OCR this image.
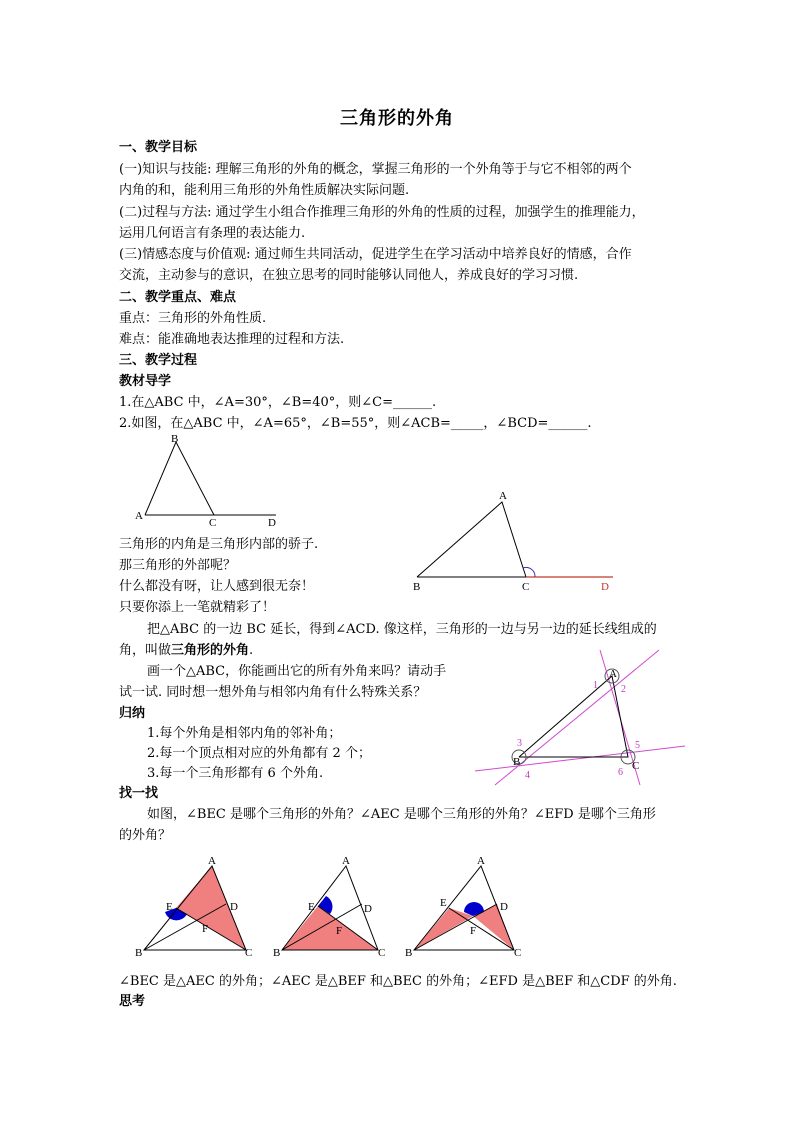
三角形的外角
一、教学目标
(一)知识与技能: 理解三角形的外角的概念，掌握三角形的一个外角等于与它不相邻的两个
内角的和，能利用三角形的外角性质解决实际问题.
(二)过程与方法: 通过学生小组合作推理三角形的外角的性质的过程，加强学生的推理能力，
运用几何语言有条理的表达能力.
(三)情感态度与价值观: 通过师生共同活动，促进学生在学习活动中培养良好的情感，合作
交流，主动参与的意识，在独立思考的同时能够认同他人，养成良好的学习习惯.
二、教学重点、难点
重点：三角形的外角性质.
难点：能准确地表达推理的过程和方法.
三、教学过程
教材导学
1.在△ABC 中，∠A=30°，∠B=40°，则∠C=______.
2.如图，在△ABC 中，∠A=65°，∠B=55°，则∠ACB=_____，∠BCD=______.
B
A
C	D
三角形的内角是三角形内部的骄子.
那三角形的外部呢？
什么都没有呀，让人感到很无奈！
只要你添上一笔就精彩了！
A
B	C	D
把△ABC 的一边 BC 延长，得到∠ACD. 像这样，三角形的一边与另一边的延长线组成的
角，叫做三角形的外角.
画一个△ABC，你能画出它的所有外角来吗？请动手
试一试. 同时想一想外角与相邻内角有什么特殊关系？
A
B	C
1 2
3
4
5
6
归纳
1.每个外角是相邻内角的邻补角；
2.每一个顶点相对应的外角都有 2 个；
3.每一个三角形都有 6 个外角.
找一找
如图，∠BEC 是哪个三角形的外角？∠AEC 是哪个三角形的外角？∠EFD 是哪个三角形
的外角？
A
E	D
F
B	C
A
E	D
F
B	C
A
E	D
F
B	C
∠BEC 是△AEC 的外角；∠AEC 是△BEF 和△BEC 的外角；∠EFD 是△BEF 和△CDF 的外角.
思考
